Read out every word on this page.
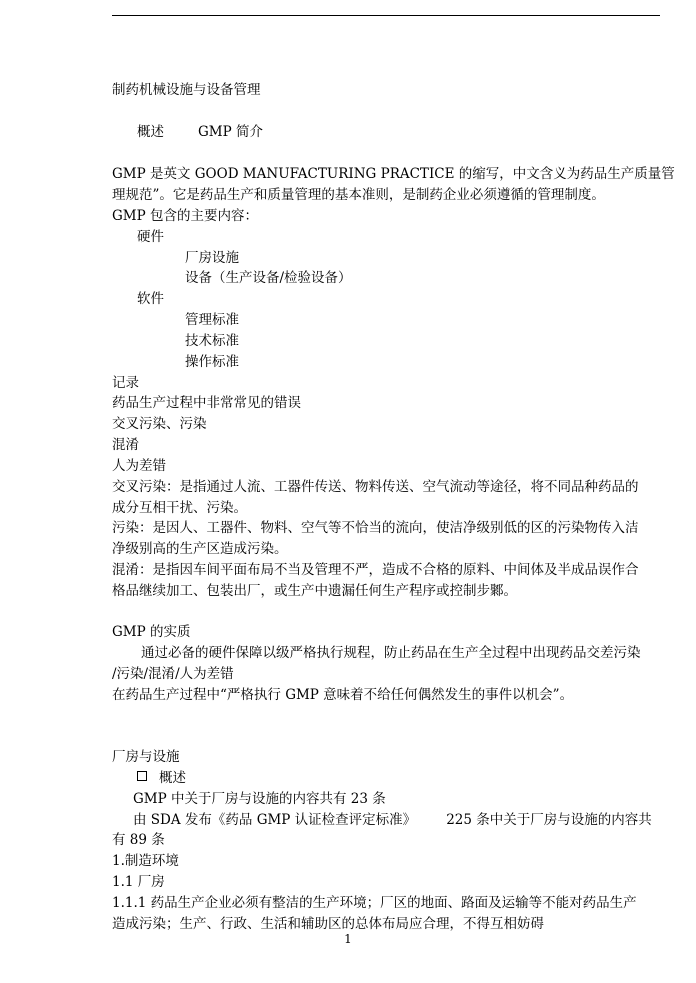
制药机械设施与设备管理
概述	GMP 简介
GMP 是英文 GOOD MANUFACTURING PRACTICE 的缩写，中文含义为药品生产质量管
理规范”。它是药品生产和质量管理的基本准则，是制药企业必须遵循的管理制度。
GMP 包含的主要内容：
硬件
厂房设施
设备（生产设备/检验设备）
软件
管理标准
技术标准
操作标准
记录
药品生产过程中非常常见的错误
交叉污染、污染
混淆
人为差错
交叉污染：是指通过人流、工器件传送、物料传送、空气流动等途径，将不同品种药品的
成分互相干扰、污染。
污染：是因人、工器件、物料、空气等不恰当的流向，使洁净级别低的区的污染物传入洁
净级别高的生产区造成污染。
混淆：是指因车间平面布局不当及管理不严，造成不合格的原料、中间体及半成品误作合
格品继续加工、包装出厂，或生产中遗漏任何生产程序或控制步鄹。
GMP 的实质
通过必备的硬件保障以级严格执行规程，防止药品在生产全过程中出现药品交差污染
/污染/混淆/人为差错
在药品生产过程中“严格执行 GMP 意味着不给任何偶然发生的事件以机会”。
厂房与设施
概述
GMP 中关于厂房与设施的内容共有 23 条
由 SDA 发布《药品 GMP 认证检查评定标准》 225 条中关于厂房与设施的内容共
有 89 条
1.制造环境
1.1 厂房
1.1.1 药品生产企业必须有整洁的生产环境；厂区的地面、路面及运输等不能对药品生产
造成污染；生产、行政、生活和辅助区的总体布局应合理，不得互相妨碍
1
